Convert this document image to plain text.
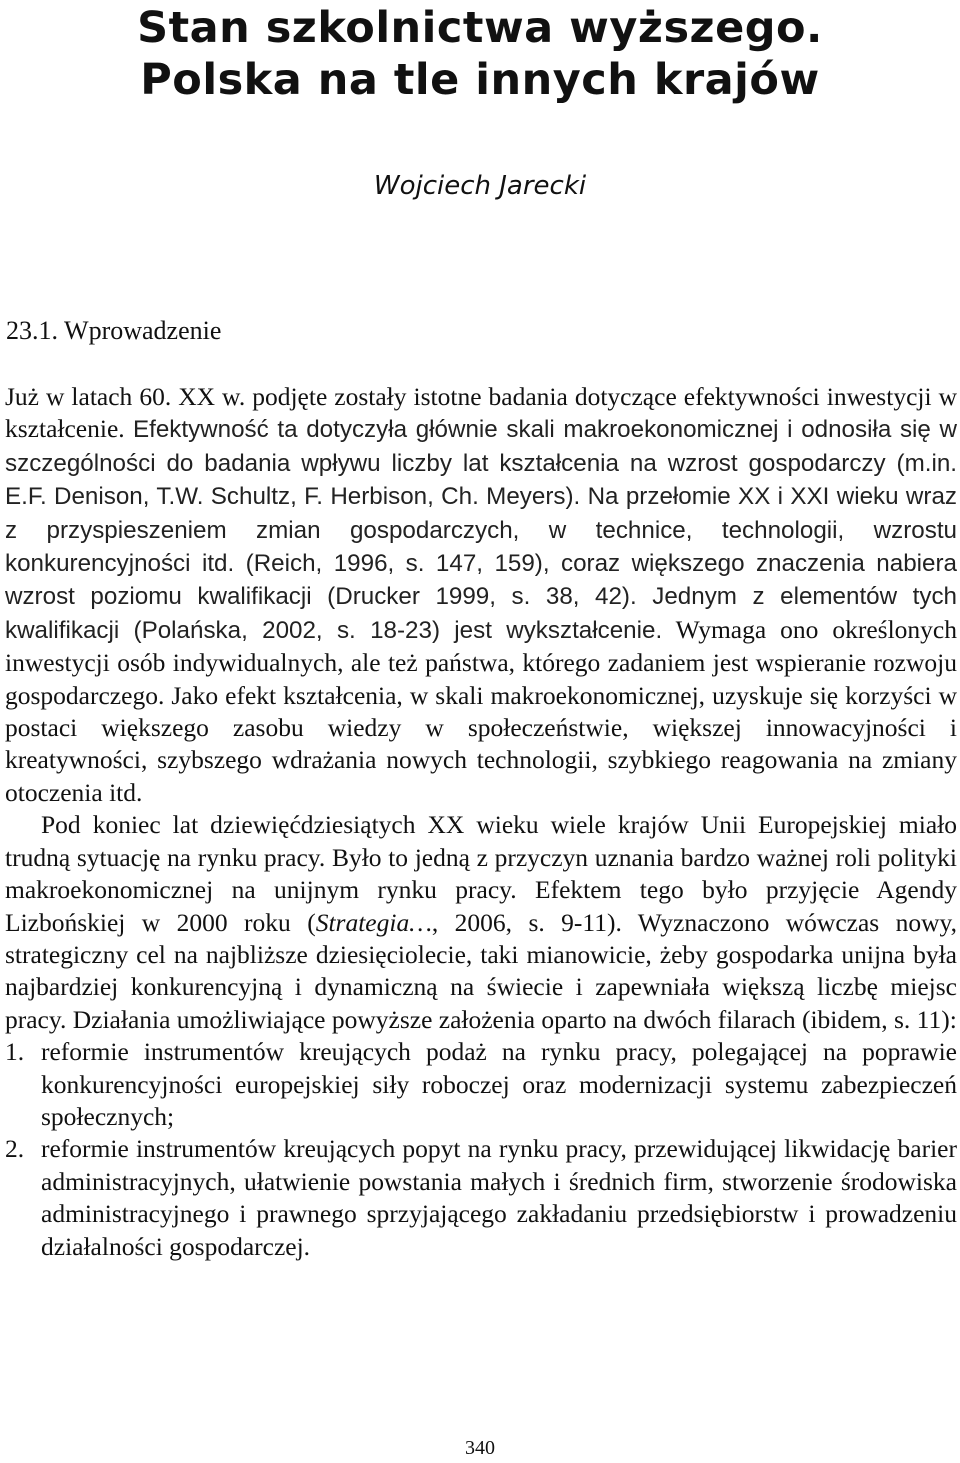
Stan szkolnictwa wyższego.
Polska na tle innych krajów
Wojciech Jarecki
23.1. Wprowadzenie

Już w latach 60. XX w. podjęte zostały istotne badania dotyczące efektywności inwestycji w kształcenie. Efektywność ta dotyczyła głównie skali makroekonomicznej i odnosiła się w szczególności do badania wpływu liczby lat kształcenia na wzrost gospodarczy (m.in. E.F. Denison, T.W. Schultz, F. Herbison, Ch. Meyers). Na przełomie XX i XXI wieku wraz z przyspieszeniem zmian gospodarczych, w technice, technologii, wzrostu konkurencyjności itd. (Reich, 1996, s. 147, 159), coraz większego znaczenia nabiera wzrost poziomu kwalifikacji (Drucker 1999, s. 38, 42). Jednym z elementów tych kwalifikacji (Polańska, 2002, s. 18-23) jest wykształcenie. Wymaga ono określonych inwestycji osób indywidualnych, ale też państwa, którego zadaniem jest wspieranie rozwoju gospodarczego. Jako efekt kształcenia, w skali makroekonomicznej, uzyskuje się korzyści w postaci większego zasobu wiedzy w społeczeństwie, większej innowacyjności i kreatywności, szybszego wdrażania nowych technologii, szybkiego reagowania na zmiany otoczenia itd.

Pod koniec lat dziewięćdziesiątych XX wieku wiele krajów Unii Europejskiej miało trudną sytuację na rynku pracy. Było to jedną z przyczyn uznania bardzo ważnej roli polityki makroekonomicznej na unijnym rynku pracy. Efektem tego było przyjęcie Agendy Lizbońskiej w 2000 roku (Strategia…, 2006, s. 9-11). Wyznaczono wówczas nowy, strategiczny cel na najbliższe dziesięciolecie, taki mianowicie, żeby gospodarka unijna była najbardziej konkurencyjną i dynamiczną na świecie i zapewniała większą liczbę miejsc pracy. Działania umożliwiające powyższe założenia oparto na dwóch filarach (ibidem, s. 11):

1. reformie instrumentów kreujących podaż na rynku pracy, polegającej na poprawie konkurencyjności europejskiej siły roboczej oraz modernizacji systemu zabezpieczeń społecznych;
2. reformie instrumentów kreujących popyt na rynku pracy, przewidującej likwidację barier administracyjnych, ułatwienie powstania małych i średnich firm, stworzenie środowiska administracyjnego i prawnego sprzyjającego zakładaniu przedsiębiorstw i prowadzeniu działalności gospodarczej.
340
